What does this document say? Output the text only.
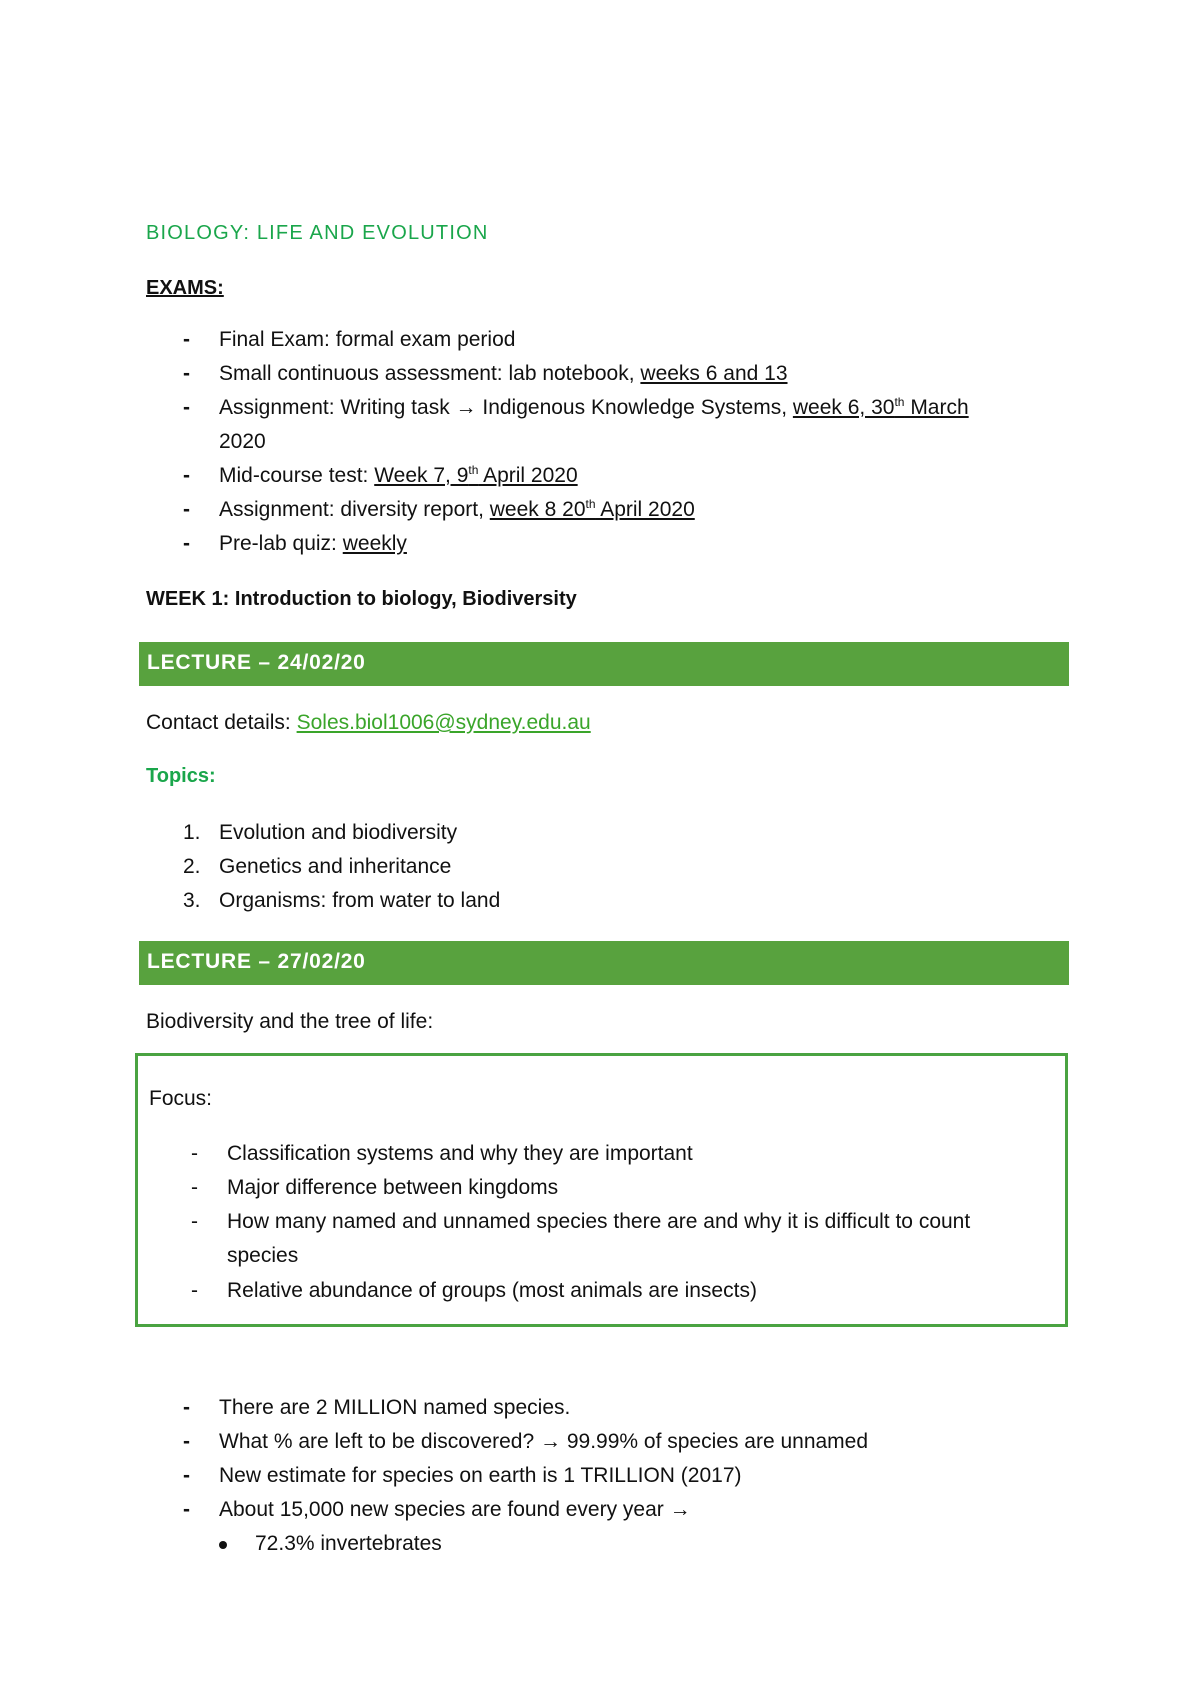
BIOLOGY: LIFE AND EVOLUTION
EXAMS:
- Final Exam: formal exam period
- Small continuous assessment: lab notebook, weeks 6 and 13
- Assignment: Writing task → Indigenous Knowledge Systems, week 6, 30th March
2020
- Mid-course test: Week 7, 9th April 2020
- Assignment: diversity report, week 8 20th April 2020
- Pre-lab quiz: weekly
WEEK 1: Introduction to biology, Biodiversity
LECTURE – 24/02/20
Contact details: Soles.biol1006@sydney.edu.au
Topics:
1. Evolution and biodiversity
2. Genetics and inheritance
3. Organisms: from water to land
LECTURE – 27/02/20
Biodiversity and the tree of life:
Focus:
- Classification systems and why they are important
- Major difference between kingdoms
- How many named and unnamed species there are and why it is difficult to count
species
- Relative abundance of groups (most animals are insects)
- There are 2 MILLION named species.
- What % are left to be discovered? → 99.99% of species are unnamed
- New estimate for species on earth is 1 TRILLION (2017)
- About 15,000 new species are found every year →
72.3% invertebrates
